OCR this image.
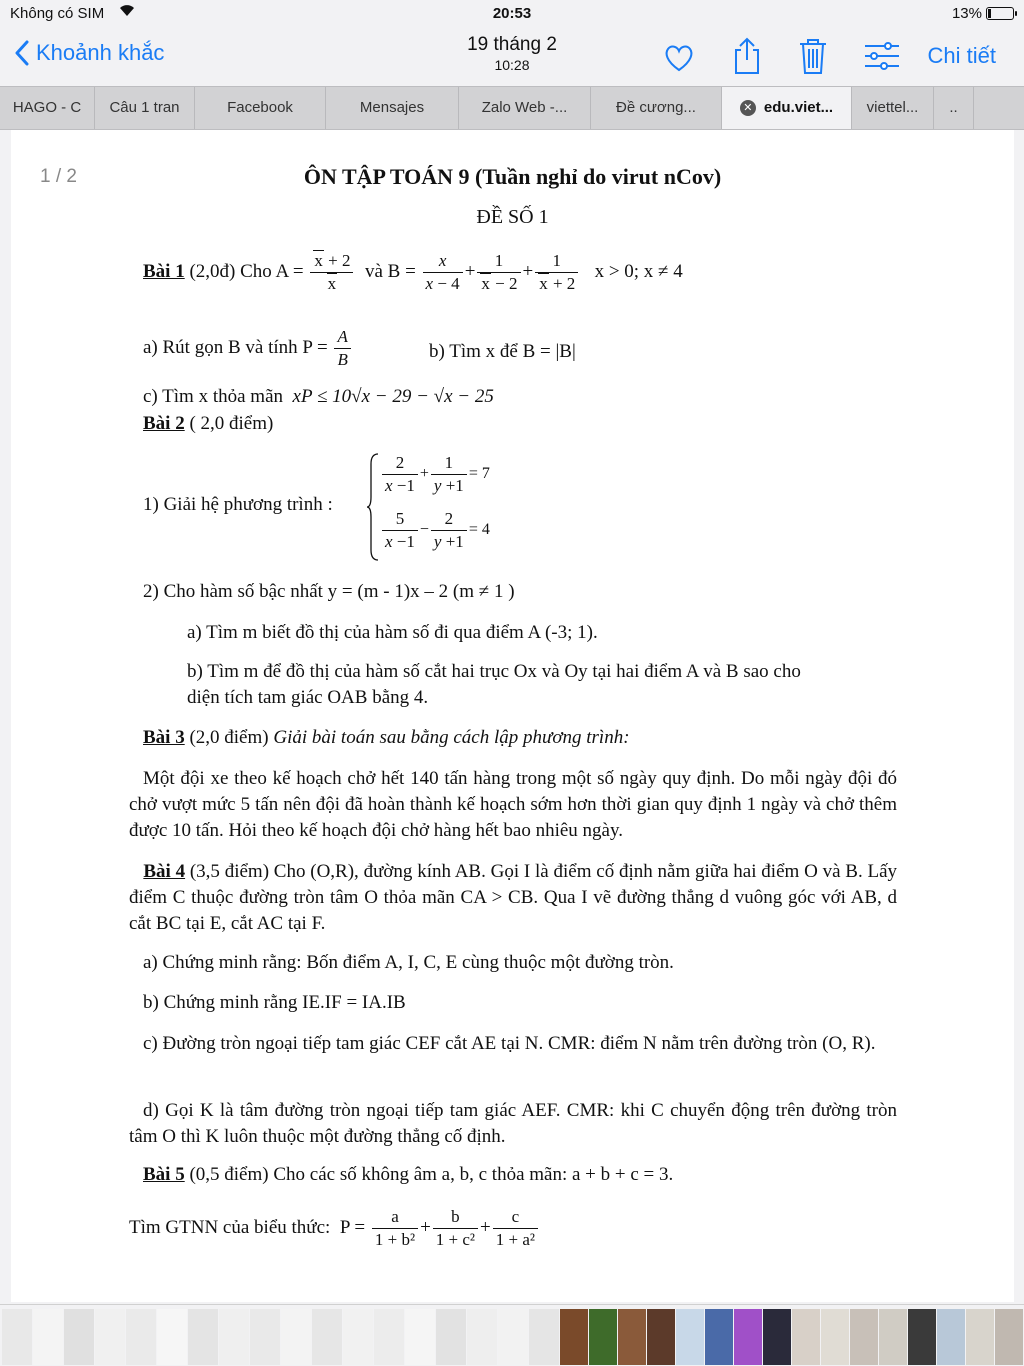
Không có SIM	20:53	13%
Khoảnh khắc	19 tháng 2
10:28	Chi tiết
HAGO - C	Câu 1 tran	Facebook	Mensajes	Zalo Web -...	Đề cương...	✕ edu.viet...	viettel...	..
1 / 2	ÔN TẬP TOÁN 9 (Tuần nghỉ do virut nCov)
ĐỀ SỐ 1
Bài 1 (2,0đ) Cho $A = \frac{x + 2}{x}$ và $B = \frac{x}{x - 4} + \frac{1}{x - 2} + \frac{1}{x + 2}$ x > 0; x ≠ 4
a) Rút gọn B và tính $P = \frac{A}{B}$	b) Tìm x để B = |B|
c) Tìm x thỏa mãn xP ≤ 10√x − 29 − √x − 25
Bài 2 ( 2,0 điểm)
1) Giải hệ phương trình :
$\frac{2}{x -1} + \frac{1}{y +1} = 7$
$\frac{5}{x -1} - \frac{2}{y +1} = 4$
2) Cho hàm số bậc nhất y = (m - 1)x – 2 (m ≠ 1 )
a) Tìm m biết đồ thị của hàm số đi qua điểm A (-3; 1).
b) Tìm m để đồ thị của hàm số cắt hai trục Ox và Oy tại hai điểm A và B sao cho
diện tích tam giác OAB bằng 4.
Bài 3 (2,0 điểm) Giải bài toán sau bằng cách lập phương trình:
Một đội xe theo kế hoạch chở hết 140 tấn hàng trong một số ngày quy định. Do mỗi ngày đội đó chở vượt mức 5 tấn nên đội đã hoàn thành kế hoạch sớm hơn thời gian quy định 1 ngày và chở thêm được 10 tấn. Hỏi theo kế hoạch đội chở hàng hết bao nhiêu ngày.
Bài 4 (3,5 điểm) Cho (O,R), đường kính AB. Gọi I là điểm cố định nằm giữa hai điểm O và B. Lấy điểm C thuộc đường tròn tâm O thỏa mãn CA > CB. Qua I vẽ đường thẳng d vuông góc với AB, d cắt BC tại E, cắt AC tại F.
a) Chứng minh rằng: Bốn điểm A, I, C, E cùng thuộc một đường tròn.
b) Chứng minh rằng IE.IF = IA.IB
c) Đường tròn ngoại tiếp tam giác CEF cắt AE tại N. CMR: điểm N nằm trên đường tròn (O, R).
d) Gọi K là tâm đường tròn ngoại tiếp tam giác AEF. CMR: khi C chuyển động trên đường tròn tâm O thì K luôn thuộc một đường thẳng cố định.
Bài 5 (0,5 điểm) Cho các số không âm a, b, c thỏa mãn: a + b + c = 3.
Tìm GTNN của biểu thức:  $P = \frac{a}{\text{1 + b²}} + \frac{b}{\text{1 + c²}} + \frac{c}{\text{1 + a²}}$
